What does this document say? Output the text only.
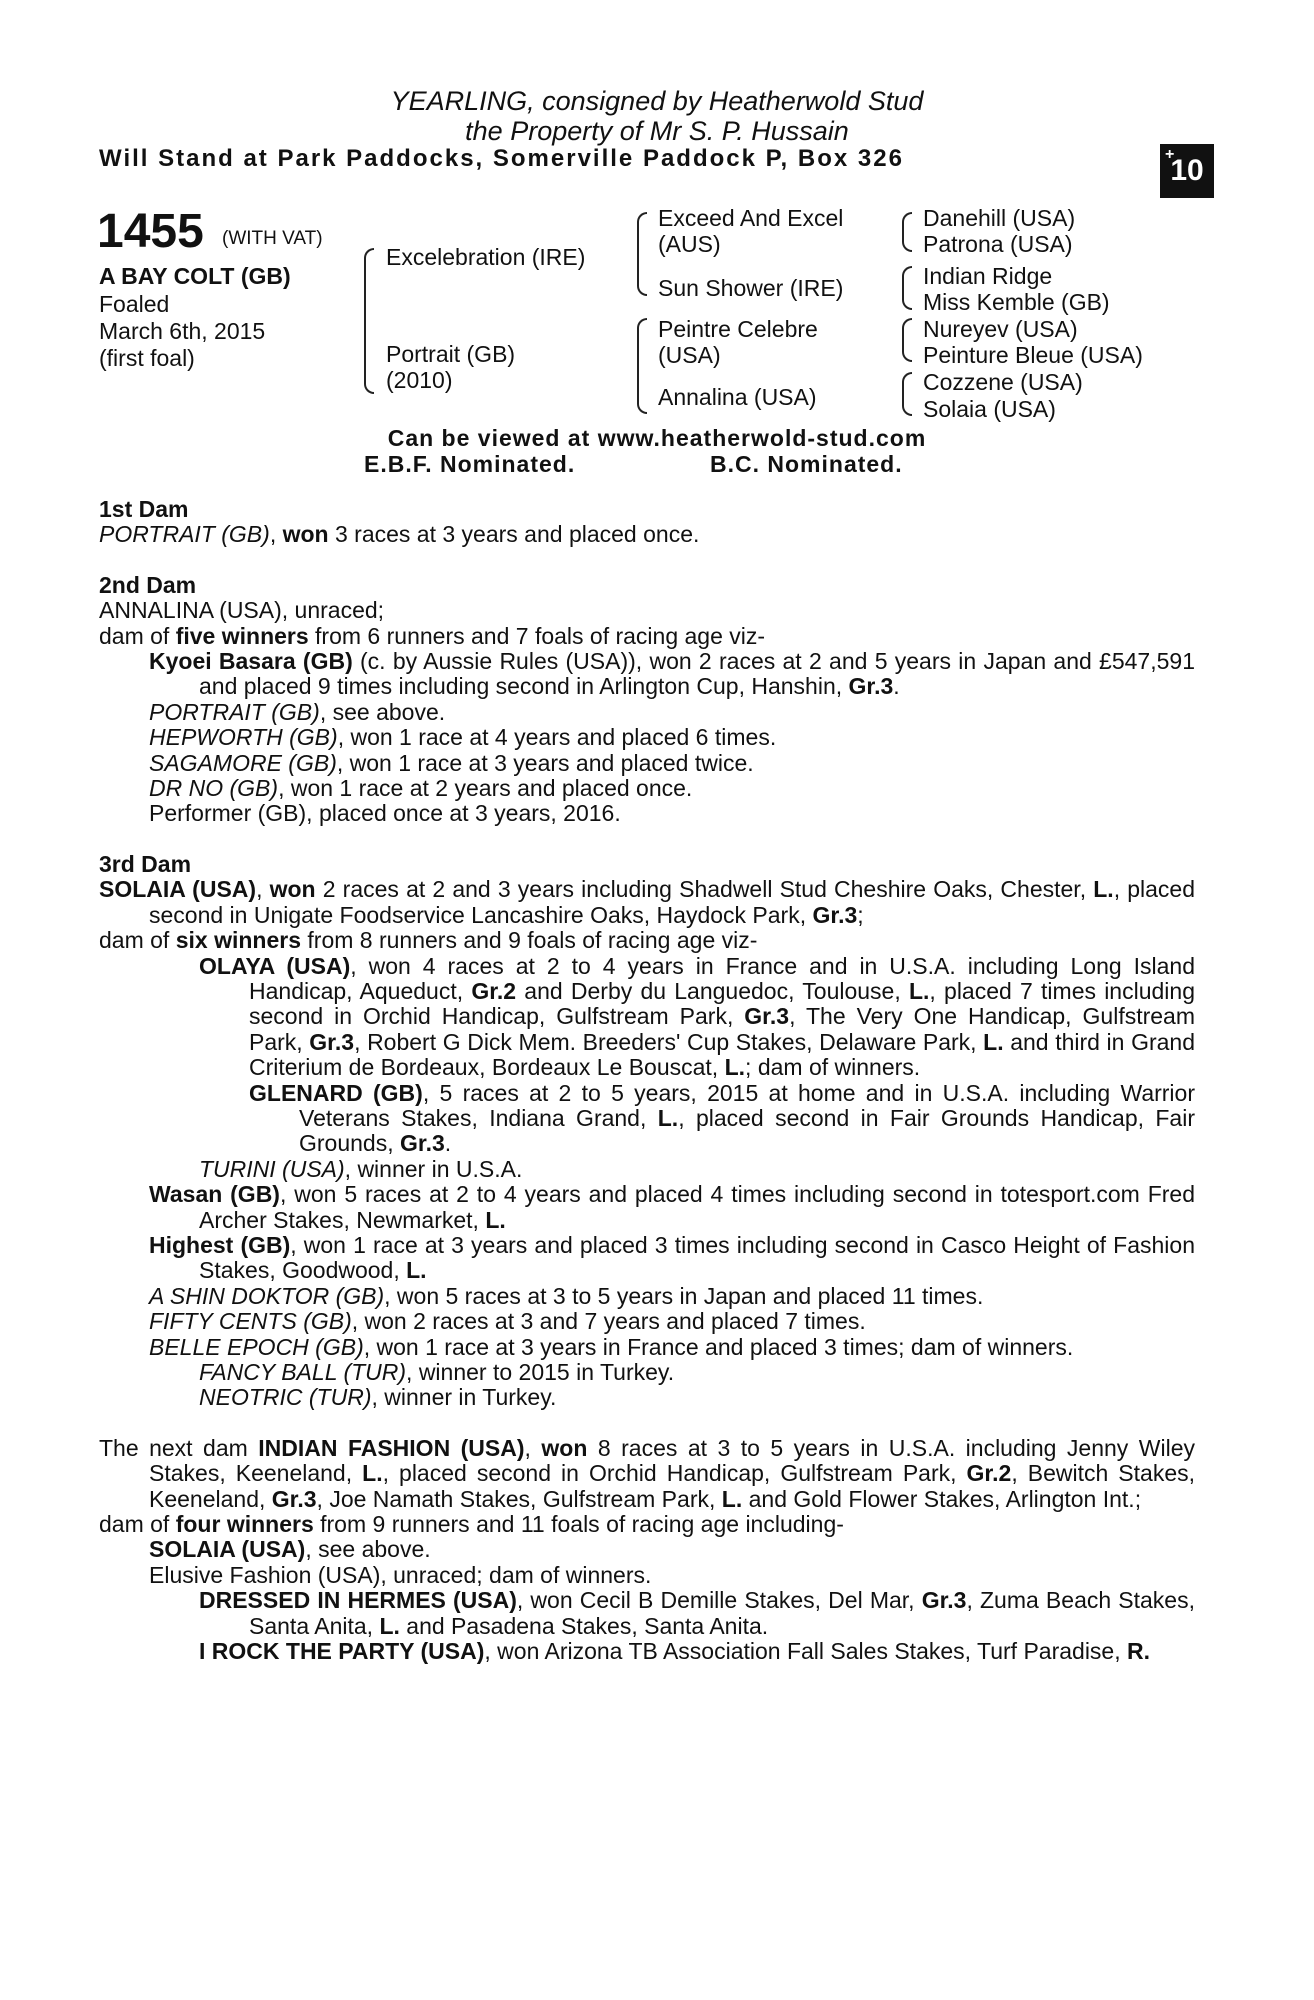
YEARLING, consigned by Heatherwold Stud
the Property of Mr S. P. Hussain
Will Stand at Park Paddocks, Somerville Paddock P, Box 326	+
10
1455 (WITH VAT)
A BAY COLT (GB)
Foaled
March 6th, 2015
(first foal)
Excelebration (IRE)
Portrait (GB)
(2010)
Exceed And Excel
(AUS)
Sun Shower (IRE)
Peintre Celebre
(USA)
Annalina (USA)
Danehill (USA)
Patrona (USA)
Indian Ridge
Miss Kemble (GB)
Nureyev (USA)
Peinture Bleue (USA)
Cozzene (USA)
Solaia (USA)
Can be viewed at www.heatherwold-stud.com
E.B.F. Nominated.	B.C. Nominated.

1st Dam

PORTRAIT (GB), won 3 races at 3 years and placed once.

2nd Dam

ANNALINA (USA), unraced;

dam of five winners from 6 runners and 7 foals of racing age viz-

Kyoei Basara (GB) (c. by Aussie Rules (USA)), won 2 races at 2 and 5 years in Japan and £547,591 and placed 9 times including second in Arlington Cup, Hanshin, Gr.3.

PORTRAIT (GB), see above.

HEPWORTH (GB), won 1 race at 4 years and placed 6 times.

SAGAMORE (GB), won 1 race at 3 years and placed twice.

DR NO (GB), won 1 race at 2 years and placed once.

Performer (GB), placed once at 3 years, 2016.

3rd Dam

SOLAIA (USA), won 2 races at 2 and 3 years including Shadwell Stud Cheshire Oaks, Chester, L., placed second in Unigate Foodservice Lancashire Oaks, Haydock Park, Gr.3;

dam of six winners from 8 runners and 9 foals of racing age viz-

OLAYA (USA), won 4 races at 2 to 4 years in France and in U.S.A. including Long Island Handicap, Aqueduct, Gr.2 and Derby du Languedoc, Toulouse, L., placed 7 times including second in Orchid Handicap, Gulfstream Park, Gr.3, The Very One Handicap, Gulfstream Park, Gr.3, Robert G Dick Mem. Breeders' Cup Stakes, Delaware Park, L. and third in Grand Criterium de Bordeaux, Bordeaux Le Bouscat, L.; dam of winners.

GLENARD (GB), 5 races at 2 to 5 years, 2015 at home and in U.S.A. including Warrior Veterans Stakes, Indiana Grand, L., placed second in Fair Grounds Handicap, Fair Grounds, Gr.3.

TURINI (USA), winner in U.S.A.

Wasan (GB), won 5 races at 2 to 4 years and placed 4 times including second in totesport.com Fred Archer Stakes, Newmarket, L.

Highest (GB), won 1 race at 3 years and placed 3 times including second in Casco Height of Fashion Stakes, Goodwood, L.

A SHIN DOKTOR (GB), won 5 races at 3 to 5 years in Japan and placed 11 times.

FIFTY CENTS (GB), won 2 races at 3 and 7 years and placed 7 times.

BELLE EPOCH (GB), won 1 race at 3 years in France and placed 3 times; dam of winners.

FANCY BALL (TUR), winner to 2015 in Turkey.

NEOTRIC (TUR), winner in Turkey.

The next dam INDIAN FASHION (USA), won 8 races at 3 to 5 years in U.S.A. including Jenny Wiley Stakes, Keeneland, L., placed second in Orchid Handicap, Gulfstream Park, Gr.2, Bewitch Stakes, Keeneland, Gr.3, Joe Namath Stakes, Gulfstream Park, L. and Gold Flower Stakes, Arlington Int.;

dam of four winners from 9 runners and 11 foals of racing age including-

SOLAIA (USA), see above.

Elusive Fashion (USA), unraced; dam of winners.

DRESSED IN HERMES (USA), won Cecil B Demille Stakes, Del Mar, Gr.3, Zuma Beach Stakes, Santa Anita, L. and Pasadena Stakes, Santa Anita.

I ROCK THE PARTY (USA), won Arizona TB Association Fall Sales Stakes, Turf Paradise, R.
